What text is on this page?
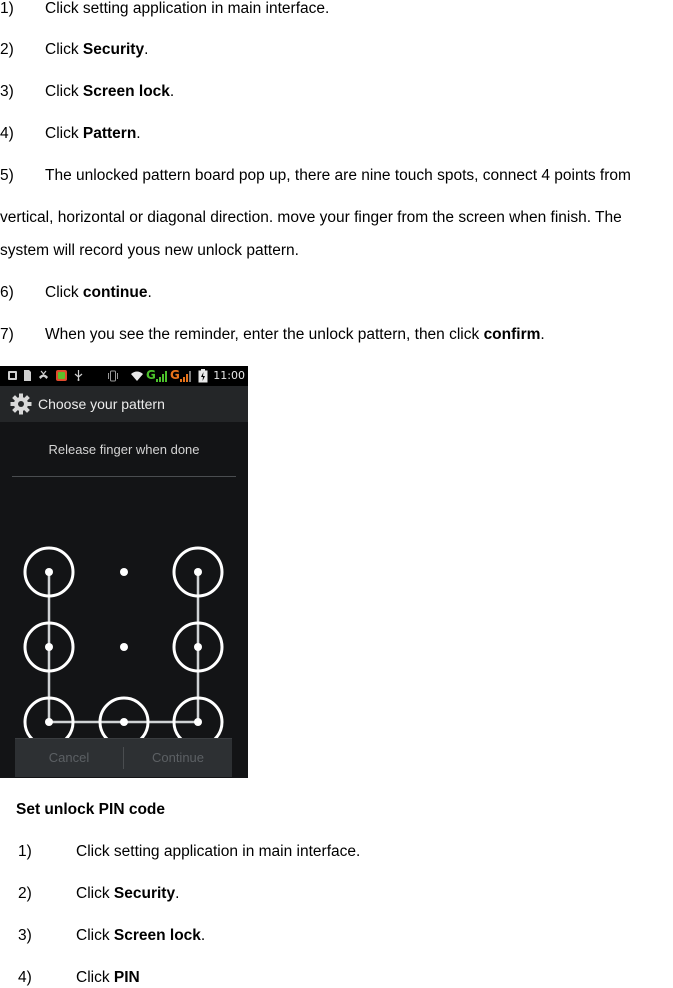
1) Click setting application in main interface.
2) Click Security.
3) Click Screen lock.
4) Click Pattern.
5) The unlocked pattern board pop up, there are nine touch spots, connect 4 points from
vertical, horizontal or diagonal direction. move your finger from the screen when finish. The
system will record yous new unlock pattern.
6) Click continue.
7) When you see the reminder, enter the unlock pattern, then click confirm.
G G	11:00
Choose your pattern
Release finger when done
Cancel	Continue
Set unlock PIN code
1)	Click setting application in main interface.
2)	Click Security.
3)	Click Screen lock.
4)	Click PIN
